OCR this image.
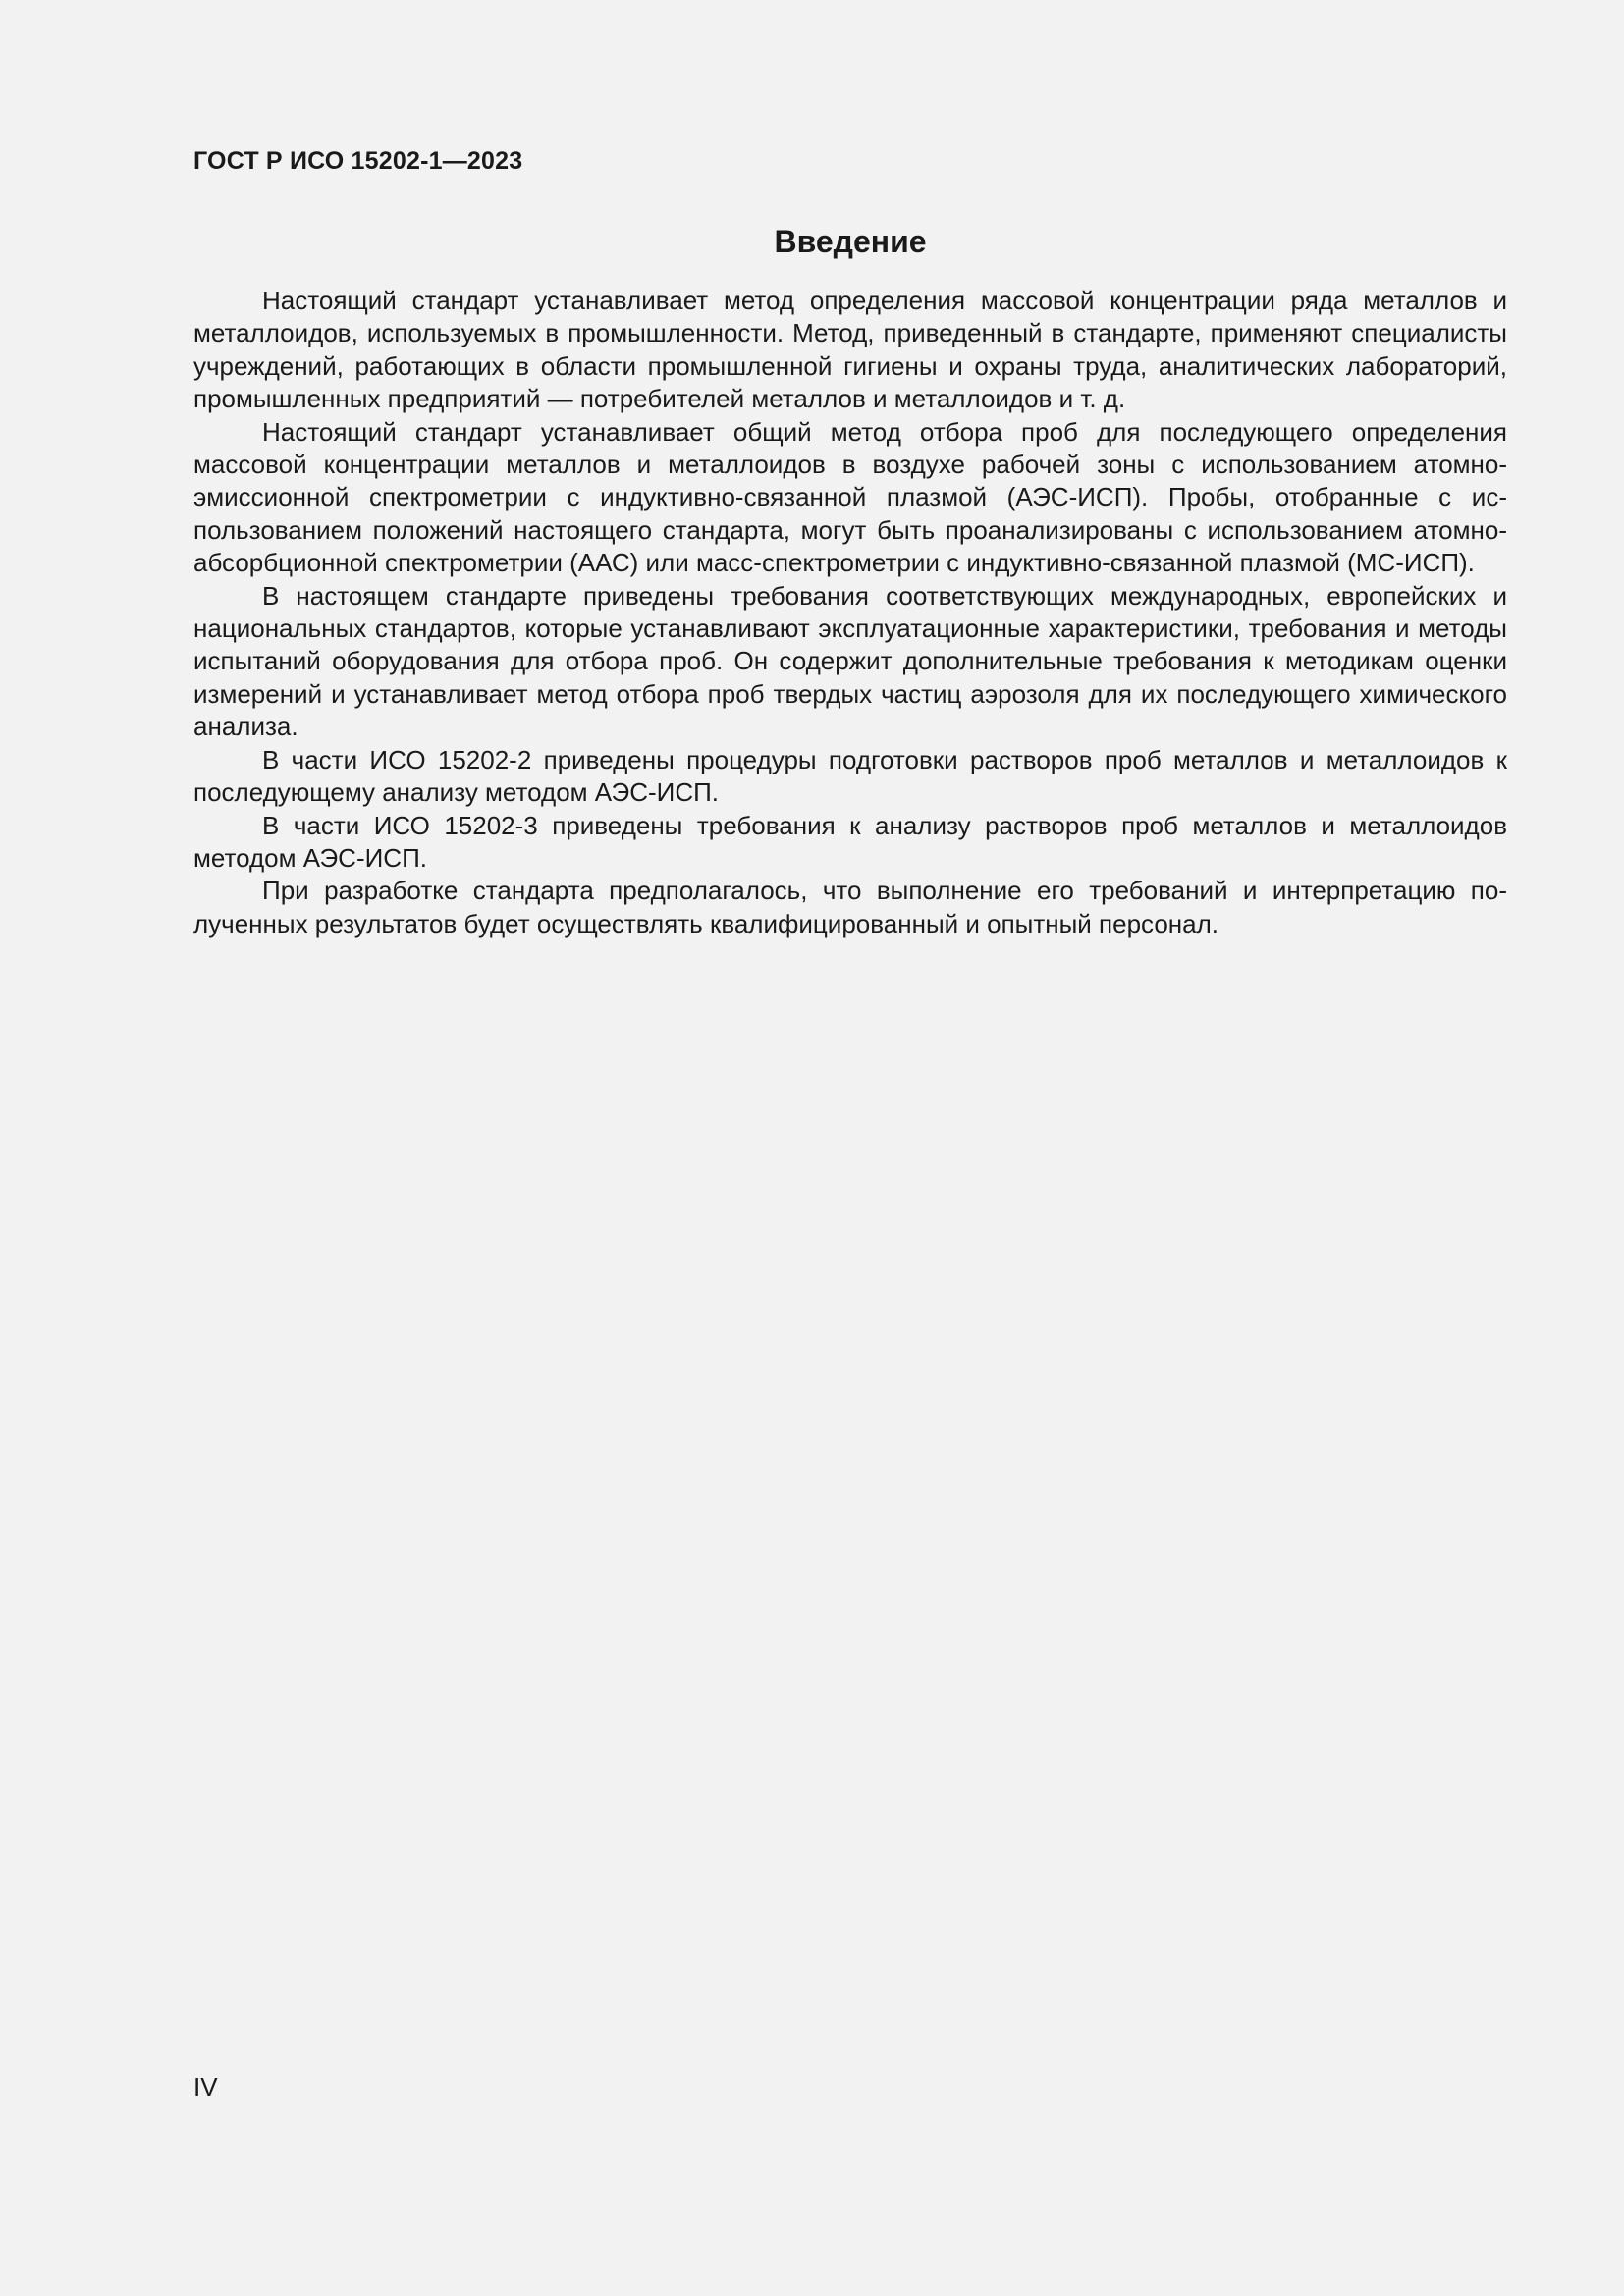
ГОСТ Р ИСО 15202-1—2023
Введение

Настоящий стандарт устанавливает метод определения массовой концентрации ряда металлов и металлоидов, используемых в промышленности. Метод, приведенный в стандарте, применяют специалисты учреждений, работающих в области промышленной гигиены и охраны труда, аналитических лабораторий, промышленных предприятий — потребителей металлов и металлоидов и т. д.

Настоящий стандарт устанавливает общий метод отбора проб для последующего определения массовой концентрации металлов и металлоидов в воздухе рабочей зоны с использованием атомно-эмиссионной спектрометрии с индуктивно-связанной плазмой (АЭС-ИСП). Пробы, отобранные с использованием положений настоящего стандарта, могут быть проанализированы с использованием атомно-абсорбционной спектрометрии (ААС) или масс-спектрометрии с индуктивно-связанной плазмой (МС-ИСП).

В настоящем стандарте приведены требования соответствующих международных, европейских и национальных стандартов, которые устанавливают эксплуатационные характеристики, требования и методы испытаний оборудования для отбора проб. Он содержит дополнительные требования к методикам оценки измерений и устанавливает метод отбора проб твердых частиц аэрозоля для их последующего химического анализа.

В части ИСО 15202-2 приведены процедуры подготовки растворов проб металлов и металлоидов к последующему анализу методом АЭС-ИСП.

В части ИСО 15202-3 приведены требования к анализу растворов проб металлов и металлоидов методом АЭС-ИСП.

При разработке стандарта предполагалось, что выполнение его требований и интерпретацию полученных результатов будет осуществлять квалифицированный и опытный персонал.

IV
